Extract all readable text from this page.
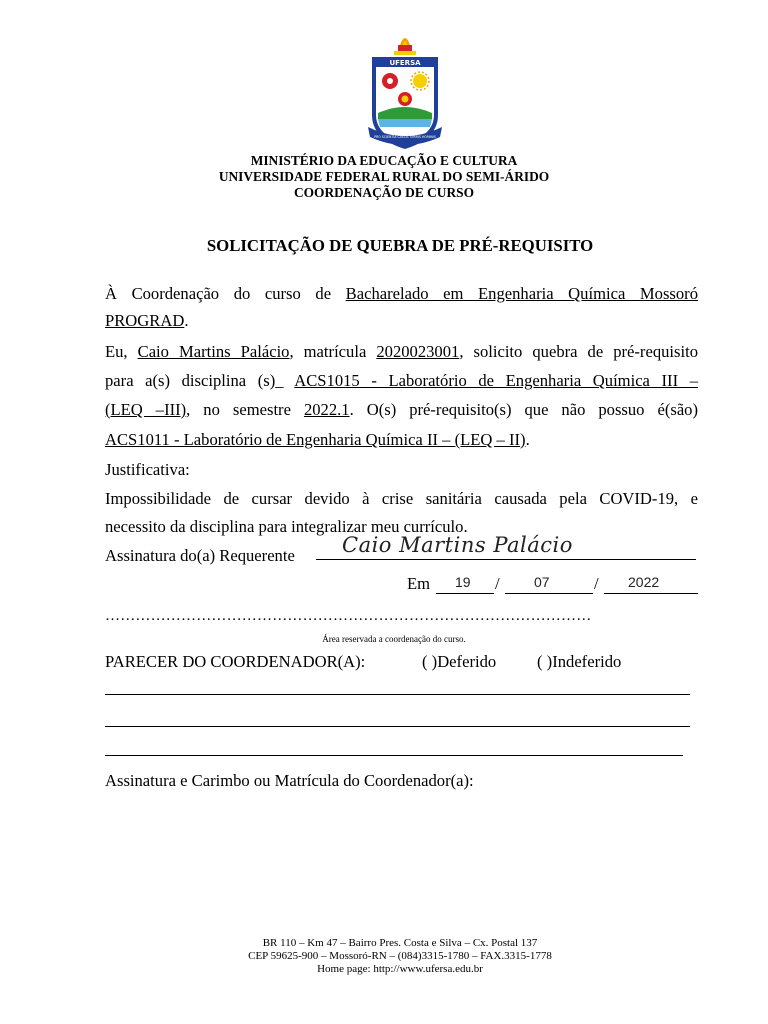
UFERSA
PRO SCIENTIA CAELIS TERRIS HOMINIS
MINISTÉRIO DA EDUCAÇÃO E CULTURA
UNIVERSIDADE FEDERAL RURAL DO SEMI-ÁRIDO
COORDENAÇÃO DE CURSO
SOLICITAÇÃO DE QUEBRA DE PRÉ-REQUISITO
À Coordenação do curso de Bacharelado em Engenharia Química Mossoró
PROGRAD.
Eu, Caio Martins Palácio, matrícula 2020023001, solicito quebra de pré-requisito
para a(s) disciplina (s)_ ACS1015 - Laboratório de Engenharia Química III –
(LEQ –III), no semestre 2022.1. O(s) pré-requisito(s) que não possuo é(são)
ACS1011 - Laboratório de Engenharia Química II – (LEQ – II).
Justificativa:
Impossibilidade de cursar devido à crise sanitária causada pela COVID-19, e
necessito da disciplina para integralizar meu currículo.
Assinatura do(a) Requerente Caio Martins Palácio
Em 19 / 07	/ 2022
……………………………………………………………………………………
Área reservada a coordenação do curso.
PARECER DO COORDENADOR(A):	( )Deferido ( )Indeferido
Assinatura e Carimbo ou Matrícula do Coordenador(a):
BR 110 – Km 47 – Bairro Pres. Costa e Silva – Cx. Postal 137
CEP 59625-900 – Mossoró-RN – (084)3315-1780 – FAX.3315-1778
Home page: http://www.ufersa.edu.br
